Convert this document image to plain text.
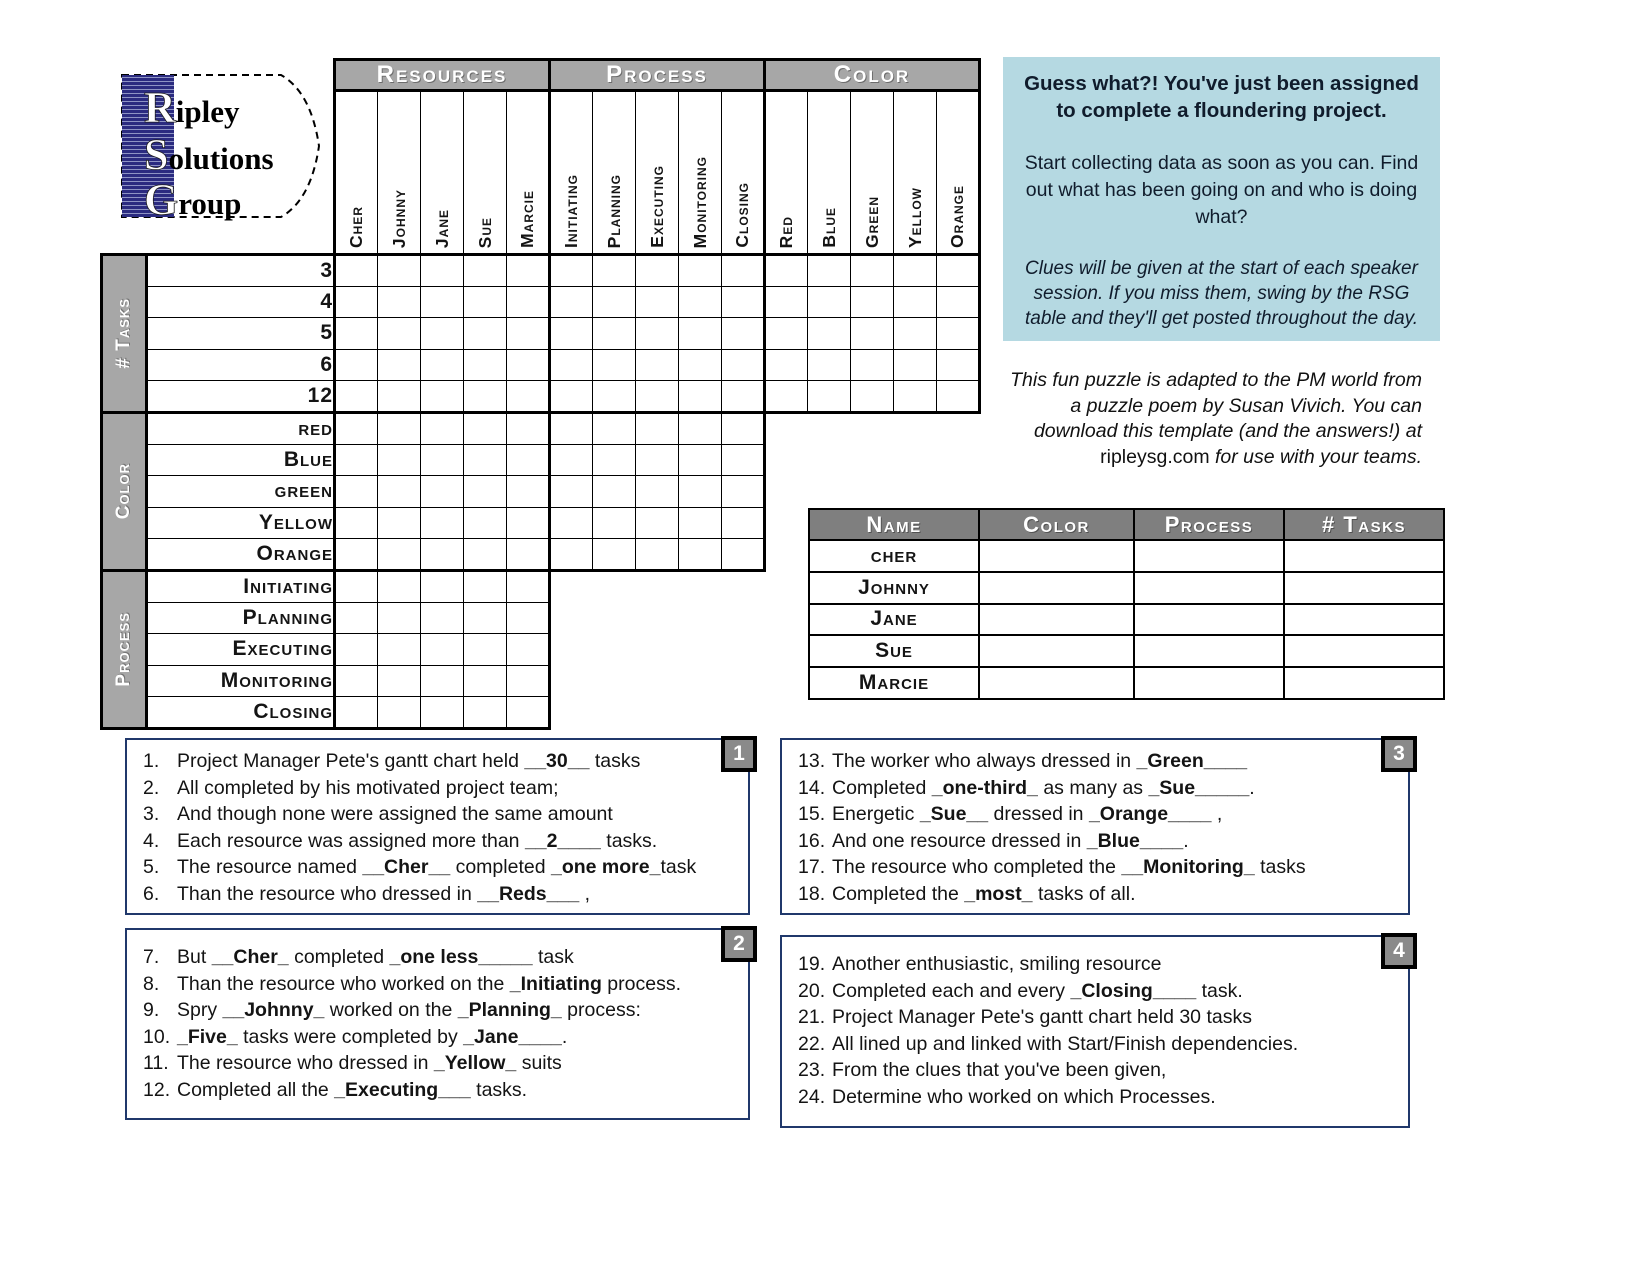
Ripley
Solutions
Group
		Resources					Process					Color				

		Cher	Johnny	Jane	Sue	Marcie	Initiating	Planning	Executing	Monitoring	Closing	Red	Blue	Green	Yellow	Orange

# Tasks	3															
	4															
	5															
	6															
	12															

Color	red															
	Blue															
	green															
	Yellow															
	Orange															

Process	Initiating															
	Planning															
	Executing															
	Monitoring															
	Closing															
Guess what?! You've just been assigned to complete a floundering project.
Start collecting data as soon as you can. Find out what has been going on and who is doing what?
Clues will be given at the start of each speaker session. If you miss them, swing by the RSG table and they'll get posted throughout the day.
This fun puzzle is adapted to the PM world from a puzzle poem by Susan Vivich. You can download this template (and the answers!) at ripleysg.com for use with your teams.
Name	Color	Process	# Tasks
cher			
Johnny			
Jane			
Sue			
Marcie			
1
1. Project Manager Pete's gantt chart held __30__ tasks
2. All completed by his motivated project team;
3. And though none were assigned the same amount
4. Each resource was assigned more than __2____ tasks.
5. The resource named __Cher__ completed _one more_task
6. Than the resource who dressed in __Reds___ ,
2
7. But __Cher_ completed _one less_____ task
8. Than the resource who worked on the _Initiating process.
9. Spry __Johnny_ worked on the _Planning_ process:
10. _Five_ tasks were completed by _Jane____.
11. The resource who dressed in _Yellow_ suits
12. Completed all the _Executing___ tasks.
3
13. The worker who always dressed in _Green____
14. Completed _one-third_ as many as _Sue_____.
15. Energetic _Sue__ dressed in _Orange____ ,
16. And one resource dressed in _Blue____.
17. The resource who completed the __Monitoring_ tasks
18. Completed the _most_ tasks of all.
4
19. Another enthusiastic, smiling resource
20. Completed each and every _Closing____ task.
21. Project Manager Pete's gantt chart held 30 tasks
22. All lined up and linked with Start/Finish dependencies.
23. From the clues that you've been given,
24. Determine who worked on which Processes.
